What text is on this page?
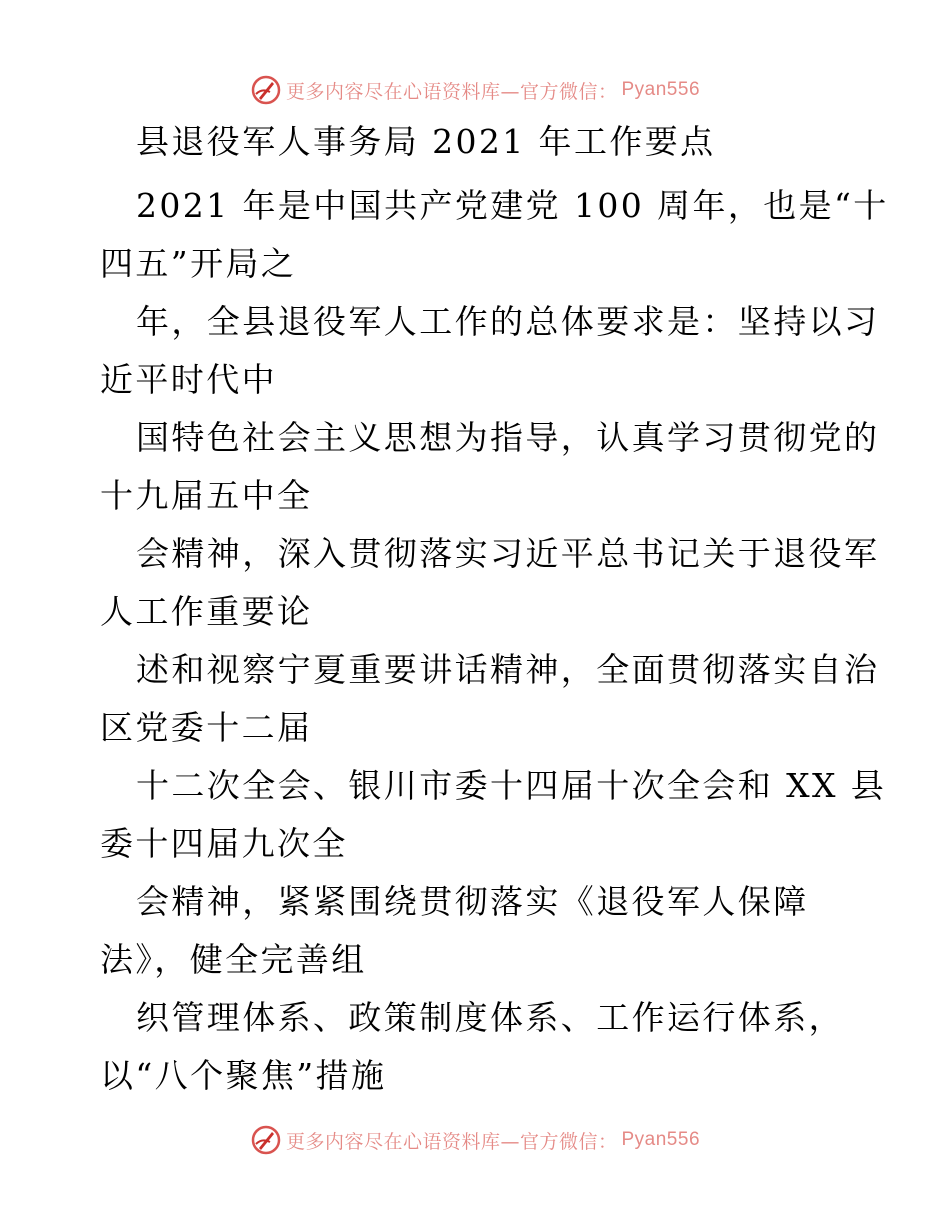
更多内容尽在心语资料库—官方微信： Pyan556
县退役军人事务局 2021 年工作要点
2021 年是中国共产党建党 100 周年，也是“十
四五”开局之
年，全县退役军人工作的总体要求是：坚持以习
近平时代中
国特色社会主义思想为指导，认真学习贯彻党的
十九届五中全
会精神，深入贯彻落实习近平总书记关于退役军
人工作重要论
述和视察宁夏重要讲话精神，全面贯彻落实自治
区党委十二届
十二次全会、银川市委十四届十次全会和 XX 县
委十四届九次全
会精神，紧紧围绕贯彻落实《退役军人保障
法》，健全完善组
织管理体系、政策制度体系、工作运行体系，
以“八个聚焦”措施
更多内容尽在心语资料库—官方微信： Pyan556
